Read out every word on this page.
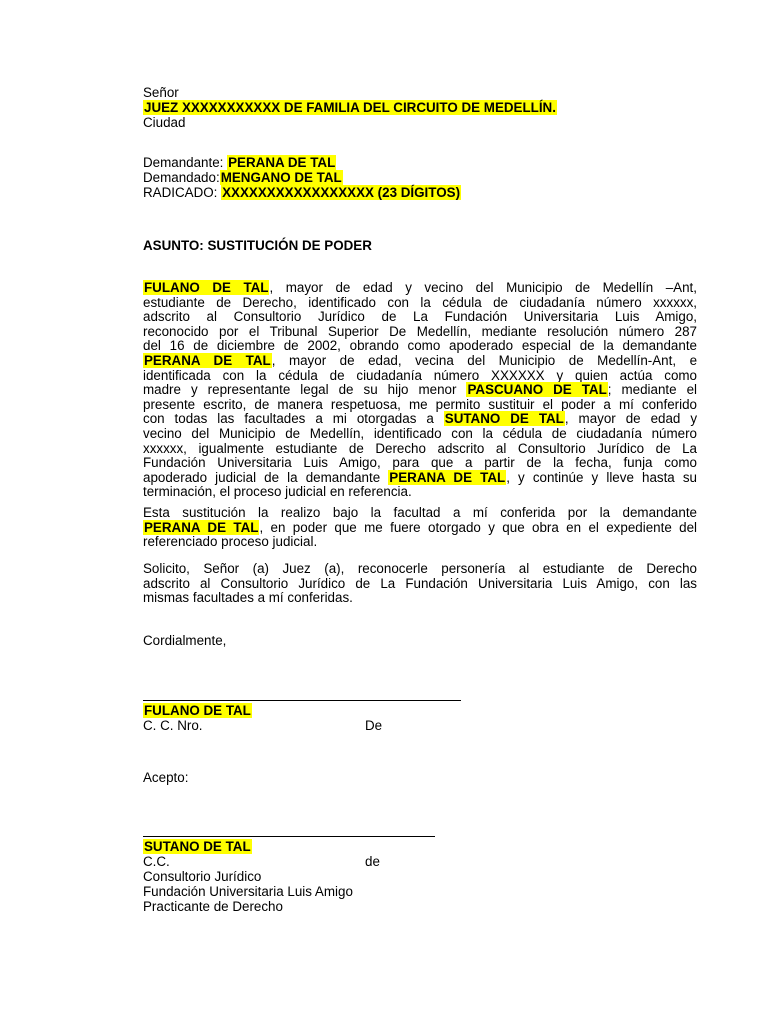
Señor
JUEZ XXXXXXXXXXX DE FAMILIA DEL CIRCUITO DE MEDELLÍN.
Ciudad
Demandante: PERANA DE TAL
Demandado:MENGANO DE TAL
RADICADO: XXXXXXXXXXXXXXXXX (23 DÍGITOS)
ASUNTO: SUSTITUCIÓN DE PODER
FULANO DE TAL, mayor de edad y vecino del Municipio de Medellín –Ant,
estudiante de Derecho, identificado con la cédula de ciudadanía número xxxxxx,
adscrito al Consultorio Jurídico de La Fundación Universitaria Luis Amigo,
reconocido por el Tribunal Superior De Medellín, mediante resolución número 287
del 16 de diciembre de 2002, obrando como apoderado especial de la demandante
PERANA DE TAL, mayor de edad, vecina del Municipio de Medellín-Ant, e
identificada con la cédula de ciudadanía número XXXXXX y quien actúa como
madre y representante legal de su hijo menor PASCUANO DE TAL; mediante el
presente escrito, de manera respetuosa, me permito sustituir el poder a mí conferido
con todas las facultades a mi otorgadas a SUTANO DE TAL, mayor de edad y
vecino del Municipio de Medellín, identificado con la cédula de ciudadanía número
xxxxxx, igualmente estudiante de Derecho adscrito al Consultorio Jurídico de La
Fundación Universitaria Luis Amigo, para que a partir de la fecha, funja como
apoderado judicial de la demandante PERANA DE TAL, y continúe y lleve hasta su
terminación, el proceso judicial en referencia.
Esta sustitución la realizo bajo la facultad a mí conferida por la demandante
PERANA DE TAL, en poder que me fuere otorgado y que obra en el expediente del
referenciado proceso judicial.
Solicito, Señor (a) Juez (a), reconocerle personería al estudiante de Derecho
adscrito al Consultorio Jurídico de La Fundación Universitaria Luis Amigo, con las
mismas facultades a mí conferidas.
Cordialmente,
FULANO DE TAL
C. C. Nro.	De
Acepto:
SUTANO DE TAL
C.C.	de
Consultorio Jurídico
Fundación Universitaria Luis Amigo
Practicante de Derecho
